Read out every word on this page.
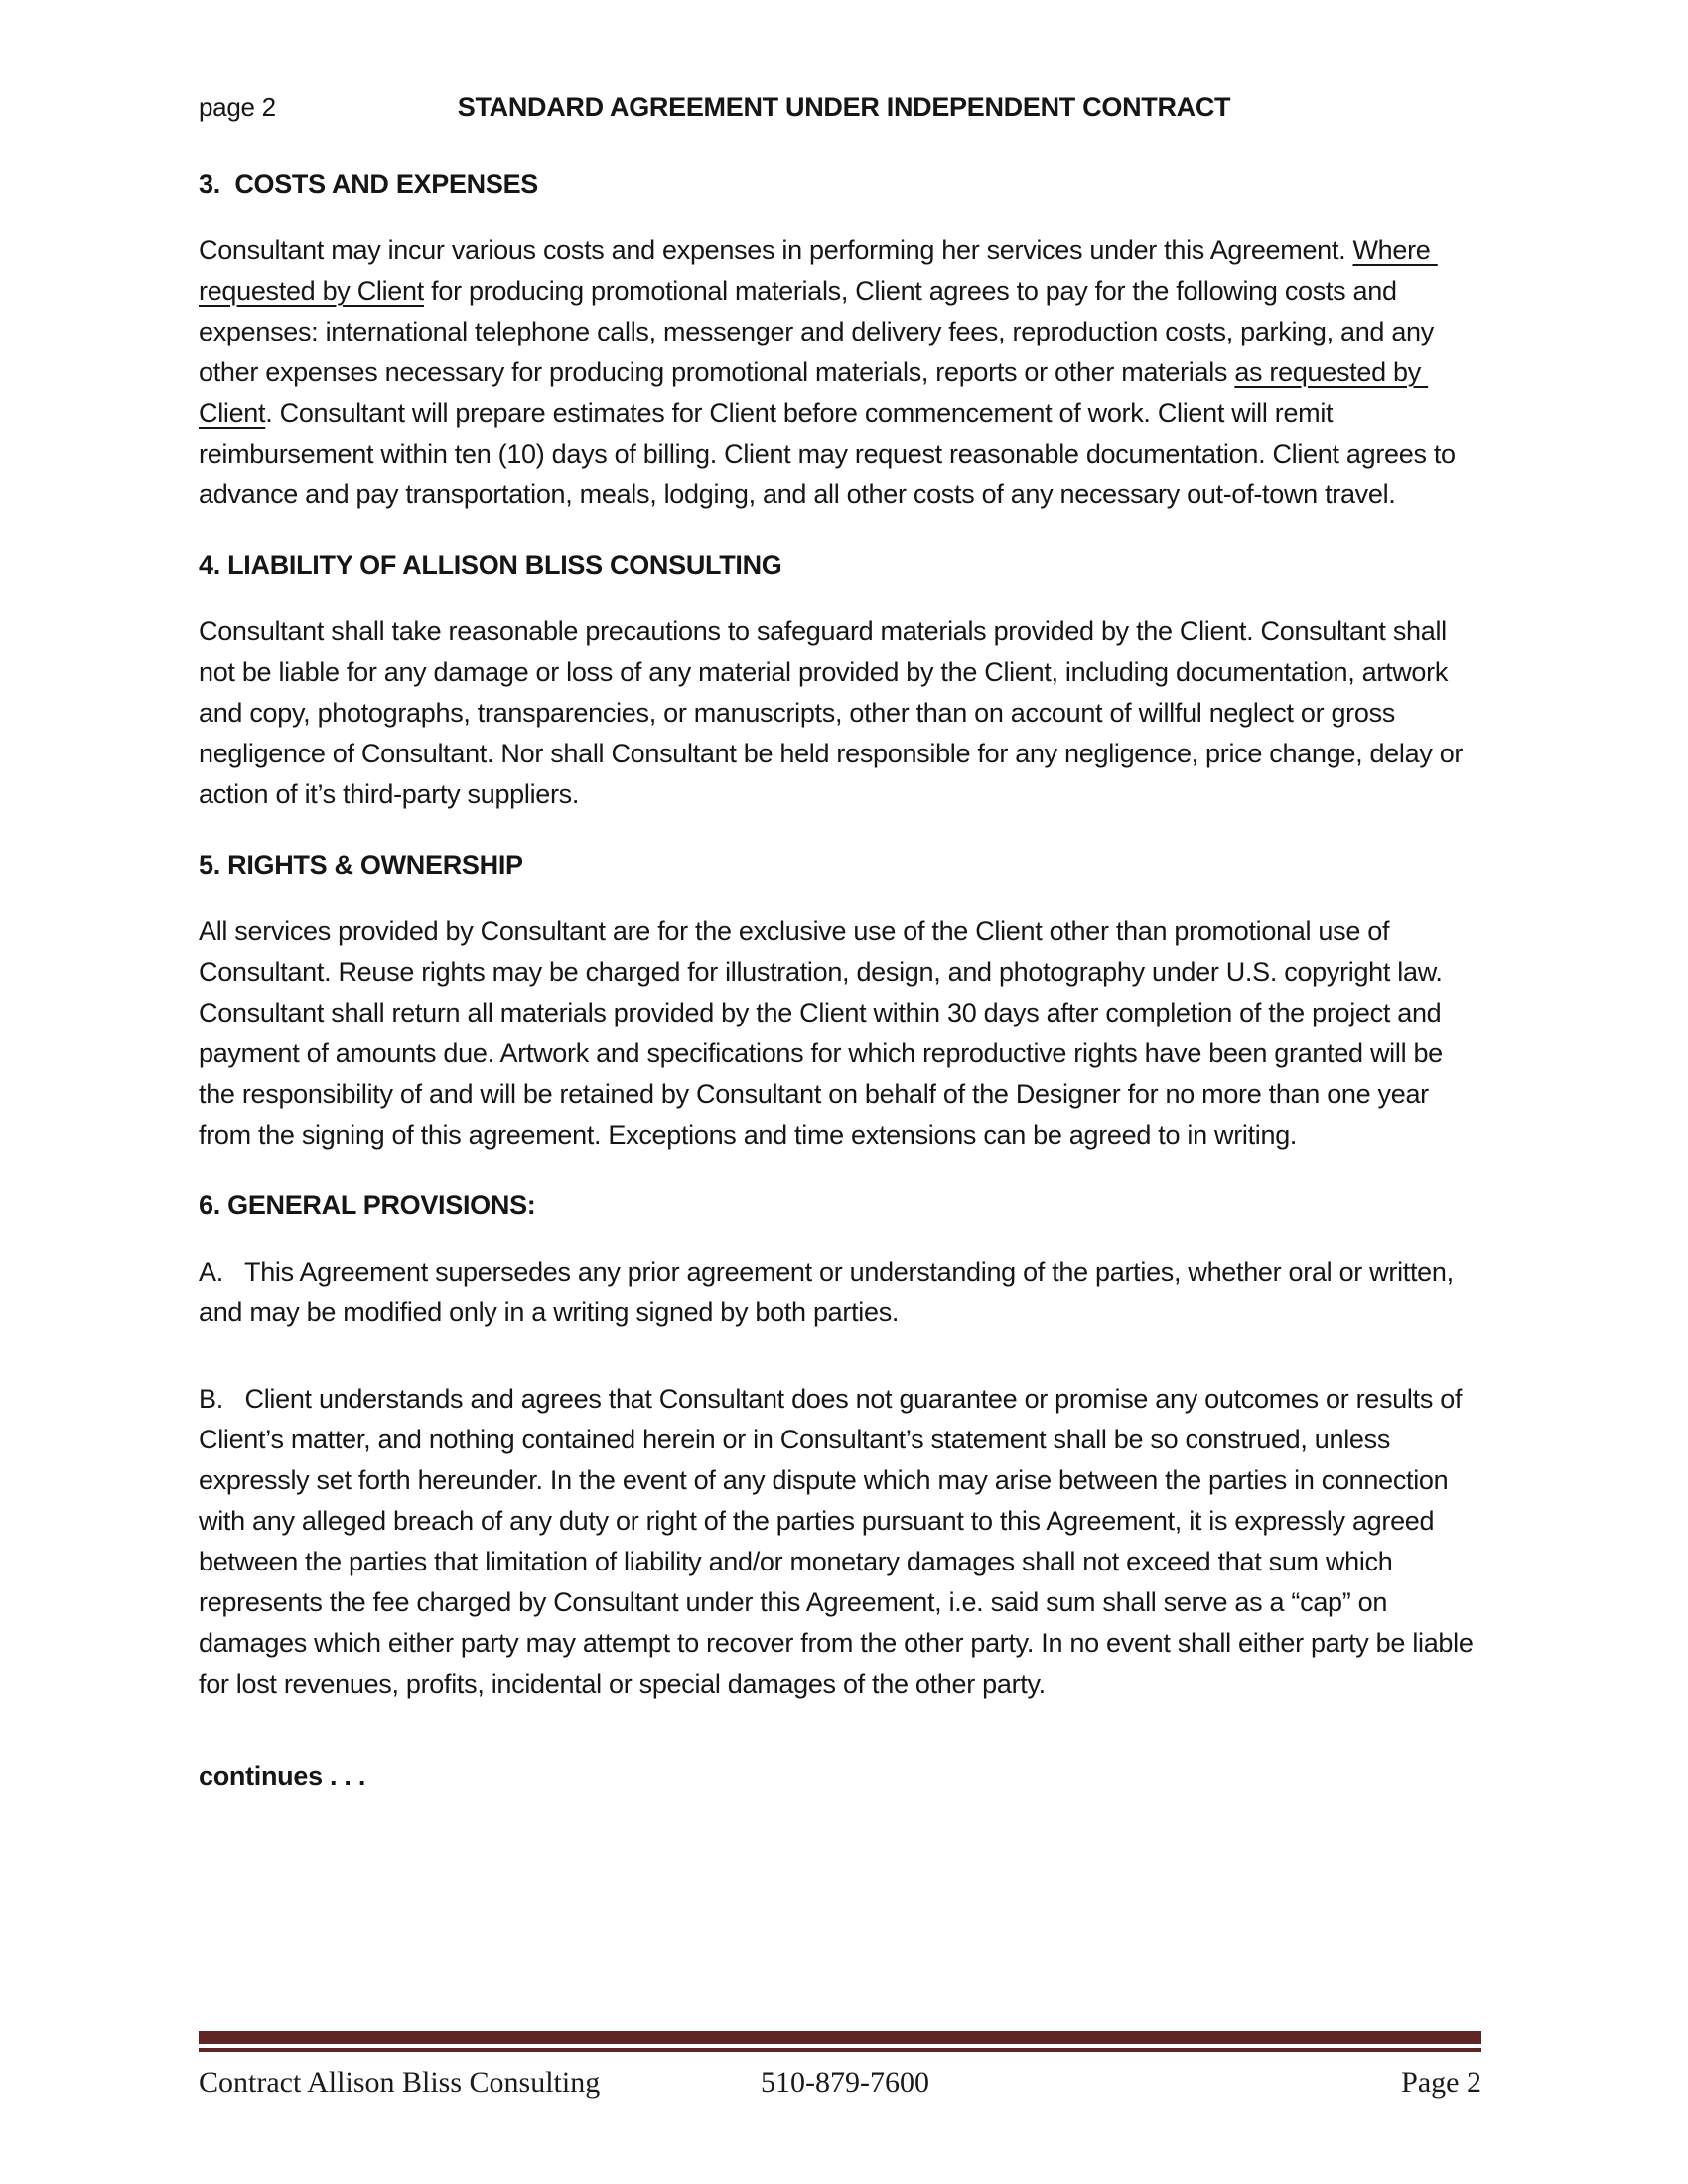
page 2	STANDARD AGREEMENT UNDER INDEPENDENT CONTRACT
3.  COSTS AND EXPENSES

Consultant may incur various costs and expenses in performing her services under this Agreement. Where requested by Client for producing promotional materials, Client agrees to pay for the following costs and expenses: international telephone calls, messenger and delivery fees, reproduction costs, parking, and any other expenses necessary for producing promotional materials, reports or other materials as requested by Client. Consultant will prepare estimates for Client before commencement of work. Client will remit reimbursement within ten (10) days of billing. Client may request reasonable documentation. Client agrees to advance and pay transportation, meals, lodging, and all other costs of any necessary out-of-town travel.

4. LIABILITY OF ALLISON BLISS CONSULTING

Consultant shall take reasonable precautions to safeguard materials provided by the Client. Consultant shall not be liable for any damage or loss of any material provided by the Client, including documentation, artwork and copy, photographs, transparencies, or manuscripts, other than on account of willful neglect or gross negligence of Consultant. Nor shall Consultant be held responsible for any negligence, price change, delay or action of it’s third-party suppliers.

5. RIGHTS & OWNERSHIP

All services provided by Consultant are for the exclusive use of the Client other than promotional use of Consultant. Reuse rights may be charged for illustration, design, and photography under U.S. copyright law. Consultant shall return all materials provided by the Client within 30 days after completion of the project and payment of amounts due. Artwork and specifications for which reproductive rights have been granted will be the responsibility of and will be retained by Consultant on behalf of the Designer for no more than one year from the signing of this agreement. Exceptions and time extensions can be agreed to in writing.

6. GENERAL PROVISIONS:

A.   This Agreement supersedes any prior agreement or understanding of the parties, whether oral or written, and may be modified only in a writing signed by both parties.

B.   Client understands and agrees that Consultant does not guarantee or promise any outcomes or results of Client’s matter, and nothing contained herein or in Consultant’s statement shall be so construed, unless expressly set forth hereunder. In the event of any dispute which may arise between the parties in connection with any alleged breach of any duty or right of the parties pursuant to this Agreement, it is expressly agreed between the parties that limitation of liability and/or monetary damages shall not exceed that sum which represents the fee charged by Consultant under this Agreement, i.e. said sum shall serve as a “cap” on damages which either party may attempt to recover from the other party. In no event shall either party be liable for lost revenues, profits, incidental or special damages of the other party.

continues . . .
Contract Allison Bliss Consulting	510-879-7600	Page 2
